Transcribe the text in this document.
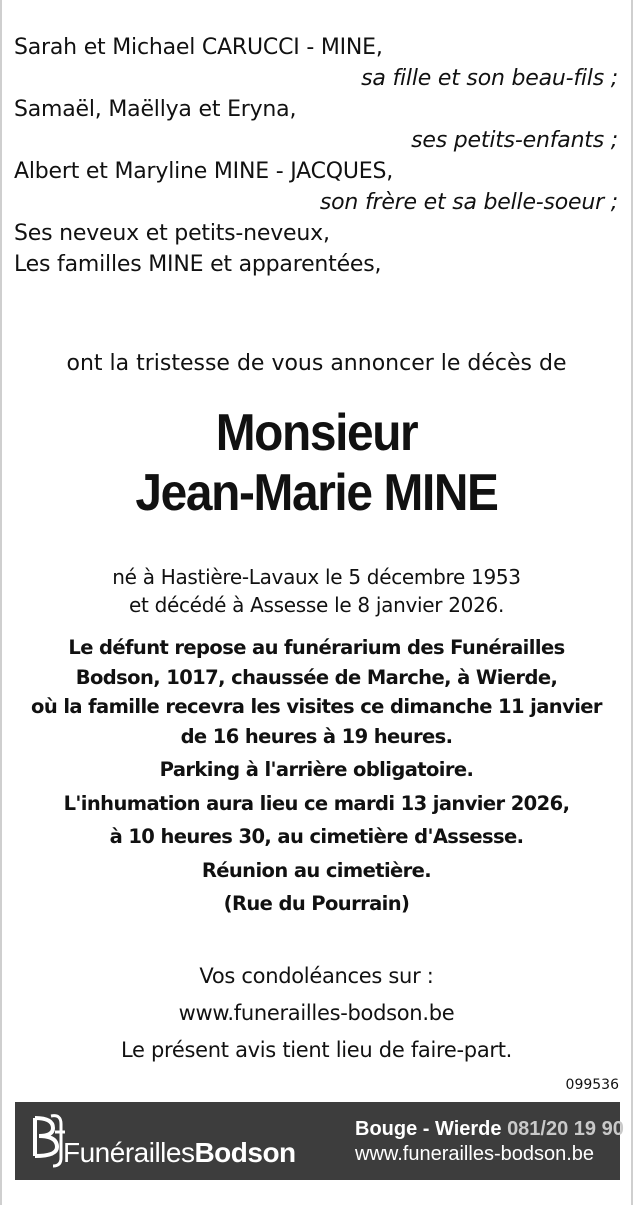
Sarah et Michael CARUCCI - MINE,
sa fille et son beau-fils ;
Samaël, Maëllya et Eryna,
ses petits-enfants ;
Albert et Maryline MINE - JACQUES,
son frère et sa belle-soeur ;
Ses neveux et petits-neveux,
Les familles MINE et apparentées,
ont la tristesse de vous annoncer le décès de
Monsieur
Jean-Marie MINE
né à Hastière-Lavaux le 5 décembre 1953
et décédé à Assesse le 8 janvier 2026.
Le défunt repose au funérarium des Funérailles
Bodson, 1017, chaussée de Marche, à Wierde,
où la famille recevra les visites ce dimanche 11 janvier
de 16 heures à 19 heures.
Parking à l'arrière obligatoire.
L'inhumation aura lieu ce mardi 13 janvier 2026,
à 10 heures 30, au cimetière d'Assesse.
Réunion au cimetière.
(Rue du Pourrain)
Vos condoléances sur :
www.funerailles-bodson.be
Le présent avis tient lieu de faire-part.
099536
FunéraillesBodson
Bouge - Wierde 081/20 19 90
www.funerailles-bodson.be
